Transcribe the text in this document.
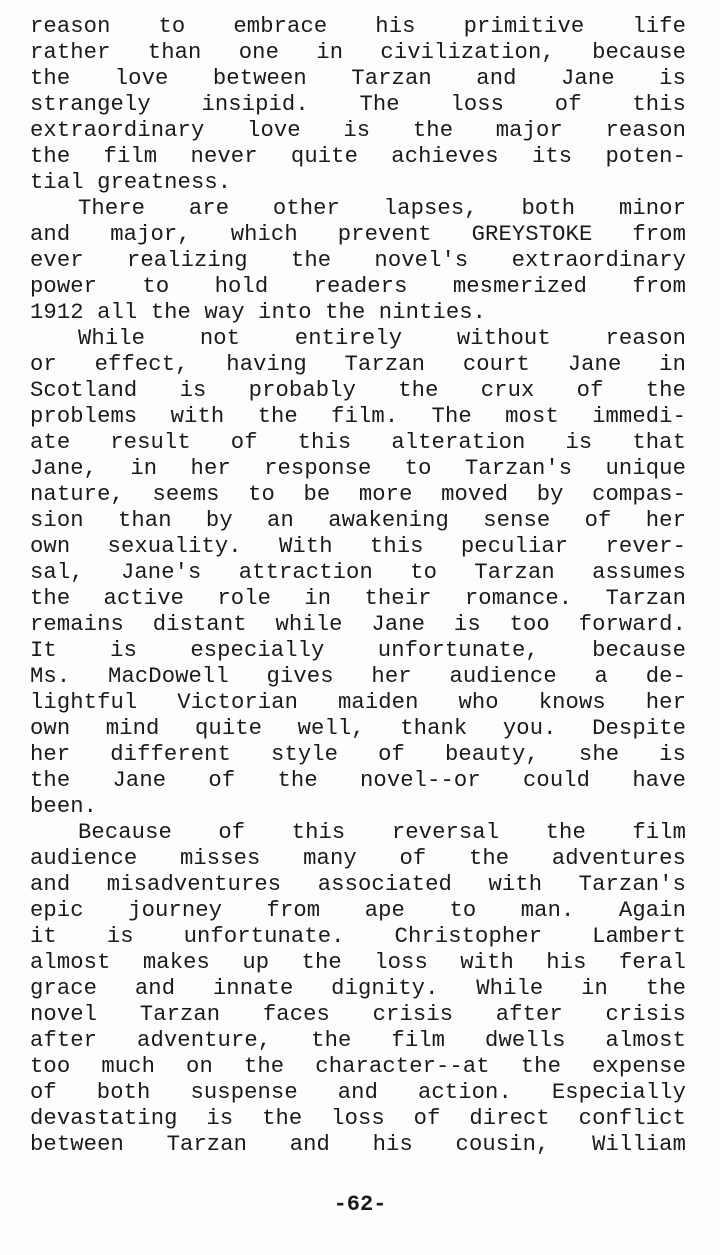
reason to embrace his primitive life
rather than one in civilization, because
the love between Tarzan and Jane is
strangely insipid. The loss of this
extraordinary love is the major reason
the film never quite achieves its poten-
tial greatness.
There are other lapses, both minor
and major, which prevent GREYSTOKE from
ever realizing the novel's extraordinary
power to hold readers mesmerized from
1912 all the way into the ninties.
While not entirely without reason
or effect, having Tarzan court Jane in
Scotland is probably the crux of the
problems with the film. The most immedi-
ate result of this alteration is that
Jane, in her response to Tarzan's unique
nature, seems to be more moved by compas-
sion than by an awakening sense of her
own sexuality. With this peculiar rever-
sal, Jane's attraction to Tarzan assumes
the active role in their romance. Tarzan
remains distant while Jane is too forward.
It is especially unfortunate, because
Ms. MacDowell gives her audience a de-
lightful Victorian maiden who knows her
own mind quite well, thank you. Despite
her different style of beauty, she is
the Jane of the novel--or could have
been.
Because of this reversal the film
audience misses many of the adventures
and misadventures associated with Tarzan's
epic journey from ape to man. Again
it is unfortunate. Christopher Lambert
almost makes up the loss with his feral
grace and innate dignity. While in the
novel Tarzan faces crisis after crisis
after adventure, the film dwells almost
too much on the character--at the expense
of both suspense and action. Especially
devastating is the loss of direct conflict
between Tarzan and his cousin, William
-62-
